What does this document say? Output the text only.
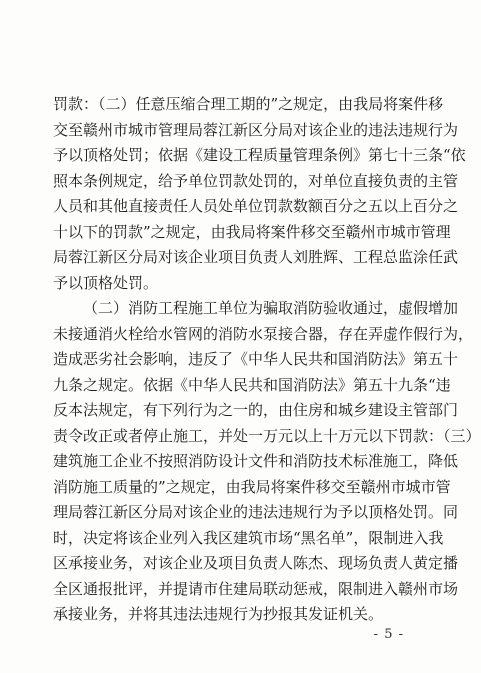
罚款：（二）任意压缩合理工期的”之规定，由我局将案件移
交至赣州市城市管理局蓉江新区分局对该企业的违法违规行为
予以顶格处罚；依据《建设工程质量管理条例》第七十三条“依
照本条例规定，给予单位罚款处罚的，对单位直接负责的主管
人员和其他直接责任人员处单位罚款数额百分之五以上百分之
十以下的罚款”之规定，由我局将案件移交至赣州市城市管理
局蓉江新区分局对该企业项目负责人刘胜辉、工程总监涂任武
予以顶格处罚。
（二）消防工程施工单位为骗取消防验收通过，虚假增加
未接通消火栓给水管网的消防水泵接合器，存在弄虚作假行为，
造成恶劣社会影响，违反了《中华人民共和国消防法》第五十
九条之规定。依据《中华人民共和国消防法》第五十九条“违
反本法规定，有下列行为之一的，由住房和城乡建设主管部门
责令改正或者停止施工，并处一万元以上十万元以下罚款：（三）
建筑施工企业不按照消防设计文件和消防技术标准施工，降低
消防施工质量的”之规定，由我局将案件移交至赣州市城市管
理局蓉江新区分局对该企业的违法违规行为予以顶格处罚。同
时，决定将该企业列入我区建筑市场“黑名单”，限制进入我
区承接业务，对该企业及项目负责人陈杰、现场负责人黄定播
全区通报批评，并提请市住建局联动惩戒，限制进入赣州市场
承接业务，并将其违法违规行为抄报其发证机关。
- 5 -
